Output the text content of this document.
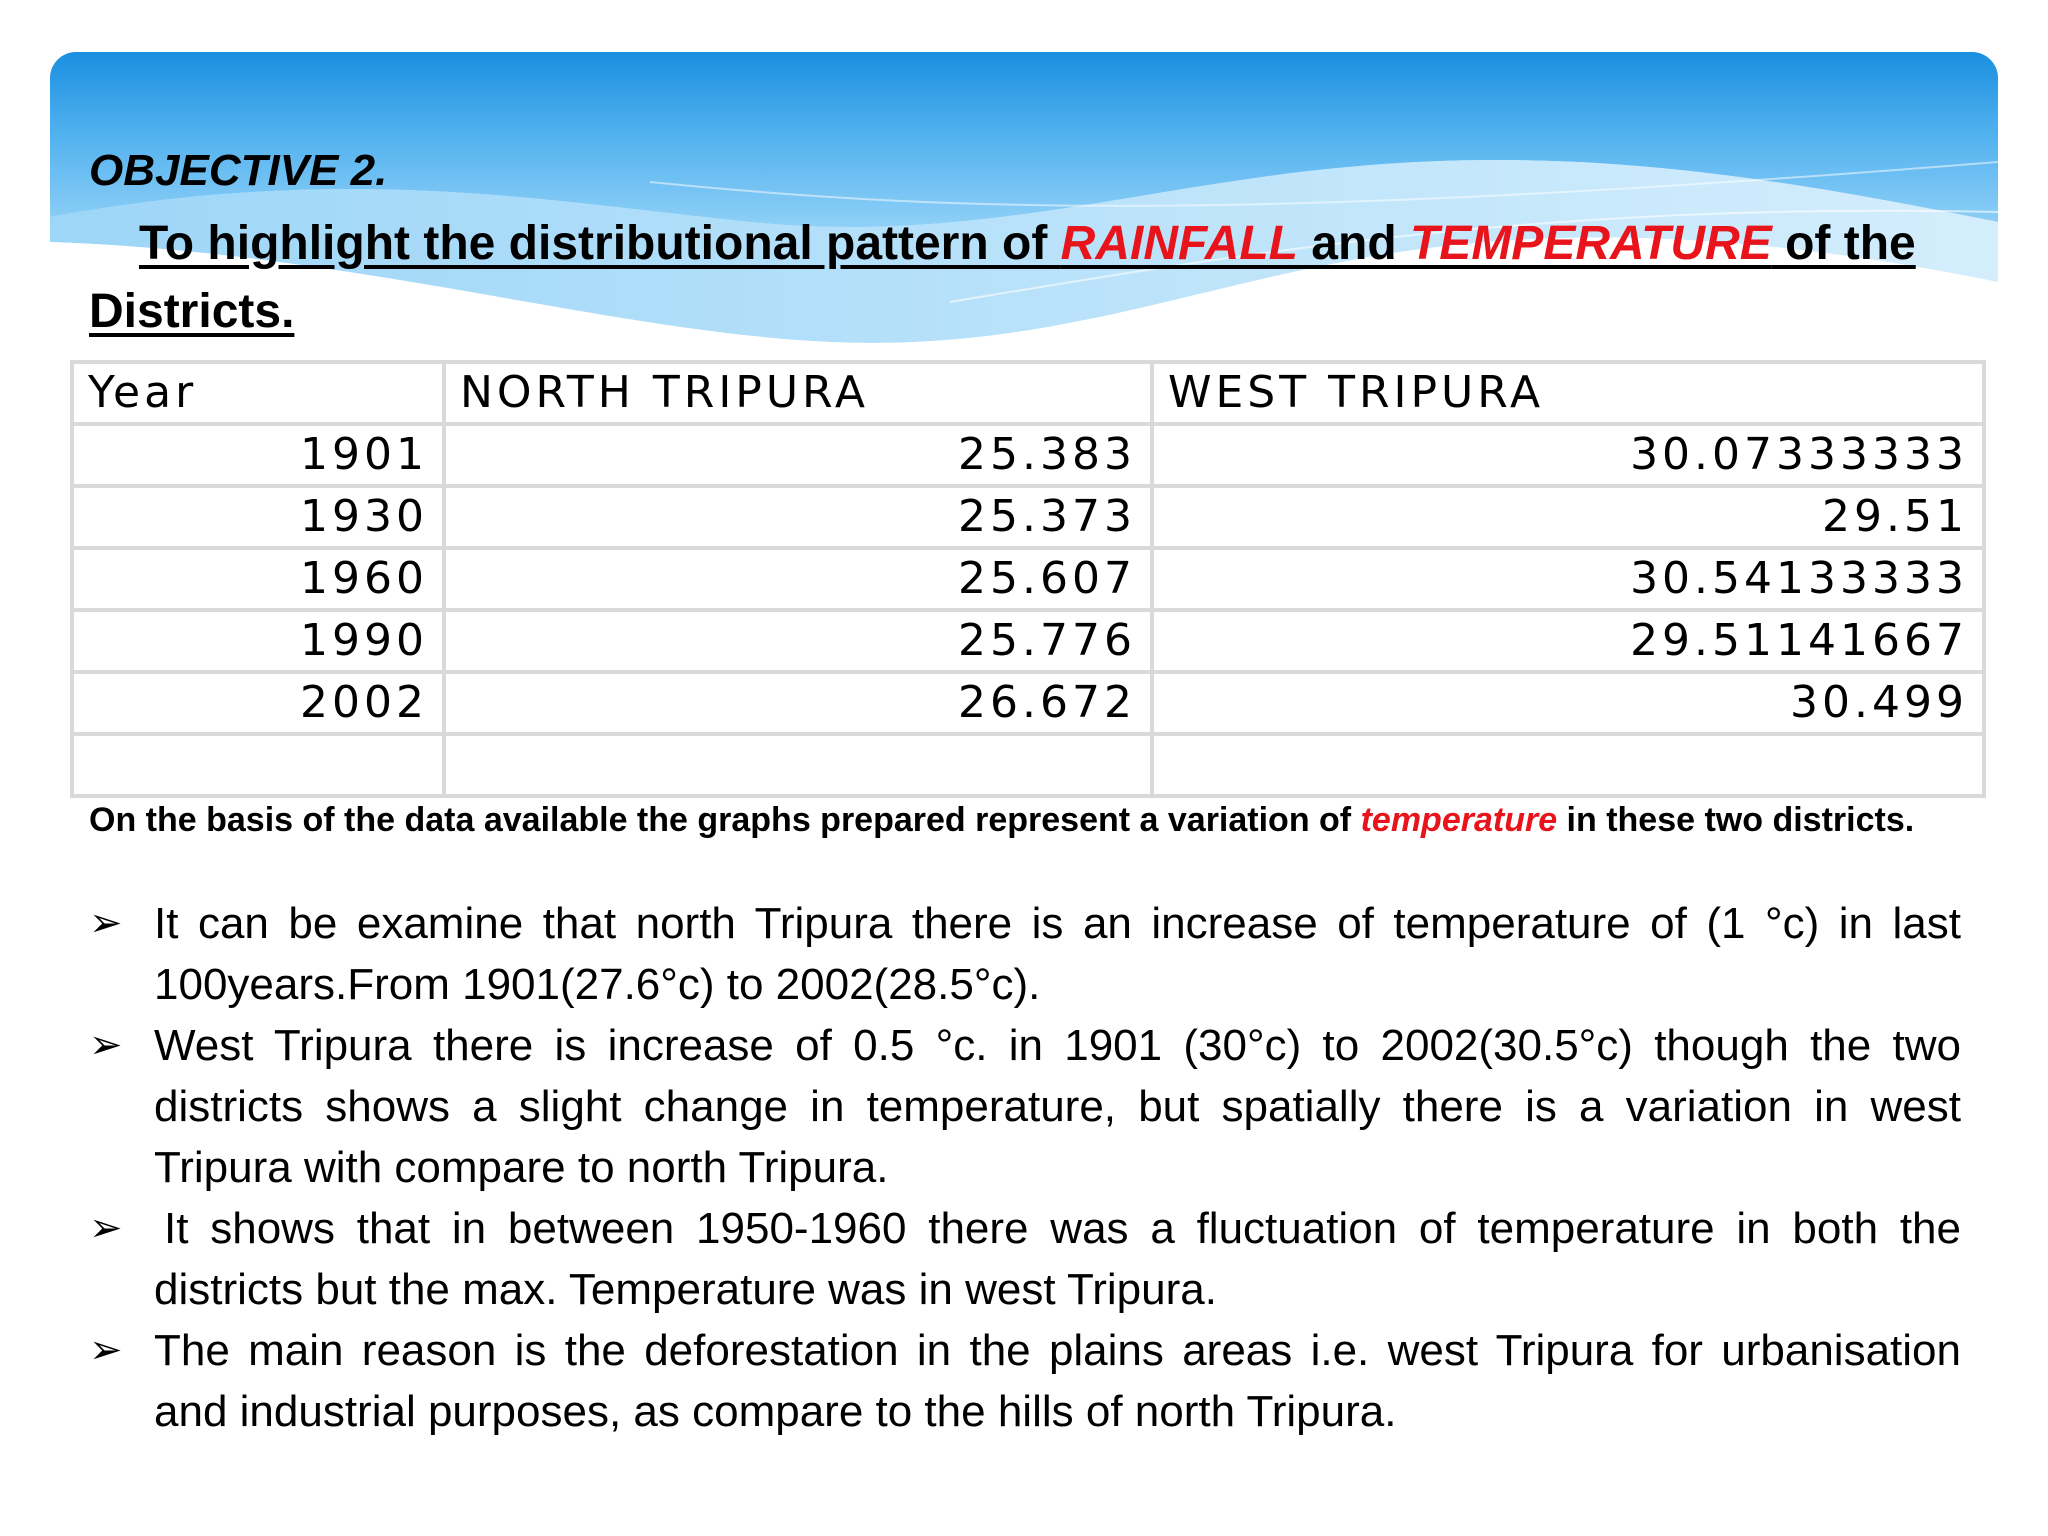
OBJECTIVE 2.

To highlight the distributional pattern of RAINFALL and TEMPERATURE of the Districts.

Year	NORTH TRIPURA	WEST TRIPURA
1901	25.383	30.07333333
1930	25.373	29.51
1960	25.607	30.54133333
1990	25.776	29.51141667
2002	26.672	30.499

On the basis of the data available the graphs prepared represent a variation of temperature in these two districts.

➢ It can be examine that north Tripura there is an increase of temperature of (1 °c) in last 100years.From 1901(27.6°c) to 2002(28.5°c).
➢ West Tripura there is increase of 0.5 °c. in 1901 (30°c) to 2002(30.5°c) though the two districts shows a slight change in temperature, but spatially there is a variation in west Tripura with compare to north Tripura.
➢ It shows that in between 1950-1960 there was a fluctuation of temperature in both the districts but the max. Temperature was in west Tripura.
➢ The main reason is the deforestation in the plains areas i.e. west Tripura for urbanisation and industrial purposes, as compare to the hills of north Tripura.
